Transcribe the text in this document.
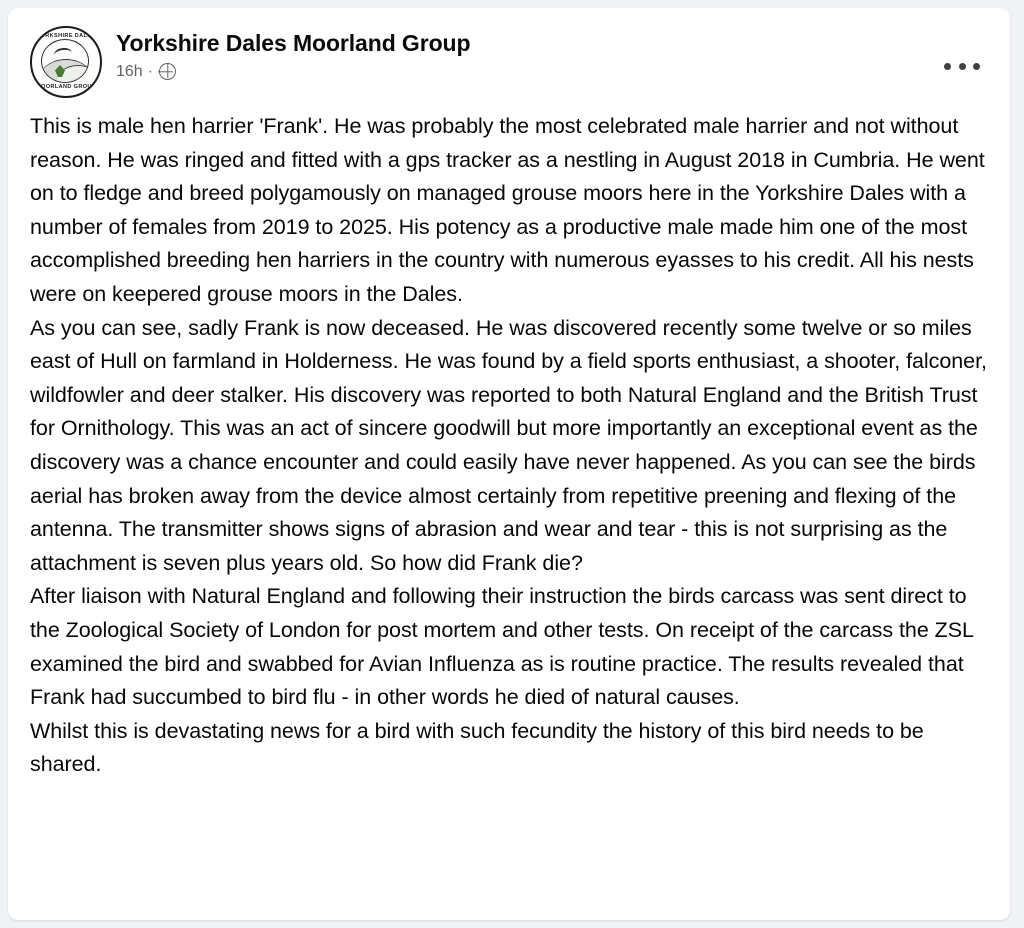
YORKSHIRE DALES
MOORLAND GROUP
Yorkshire Dales Moorland Group
16h ·

This is male hen harrier 'Frank'. He was probably the most celebrated male harrier and not without reason. He was ringed and fitted with a gps tracker as a nestling in August 2018 in Cumbria. He went on to fledge and breed polygamously on managed grouse moors here in the Yorkshire Dales with a number of females from 2019 to 2025. His potency as a productive male made him one of the most accomplished breeding hen harriers in the country with numerous eyasses to his credit. All his nests were on keepered grouse moors in the Dales.

As you can see, sadly Frank is now deceased. He was discovered recently some twelve or so miles east of Hull on farmland in Holderness. He was found by a field sports enthusiast, a shooter, falconer, wildfowler and deer stalker. His discovery was reported to both Natural England and the British Trust for Ornithology. This was an act of sincere goodwill but more importantly an exceptional event as the discovery was a chance encounter and could easily have never happened. As you can see the birds aerial has broken away from the device almost certainly from repetitive preening and flexing of the antenna. The transmitter shows signs of abrasion and wear and tear - this is not surprising as the attachment is seven plus years old. So how did Frank die?

After liaison with Natural England and following their instruction the birds carcass was sent direct to the Zoological Society of London for post mortem and other tests. On receipt of the carcass the ZSL examined the bird and swabbed for Avian Influenza as is routine practice. The results revealed that Frank had succumbed to bird flu - in other words he died of natural causes.

Whilst this is devastating news for a bird with such fecundity the history of this bird needs to be shared.
